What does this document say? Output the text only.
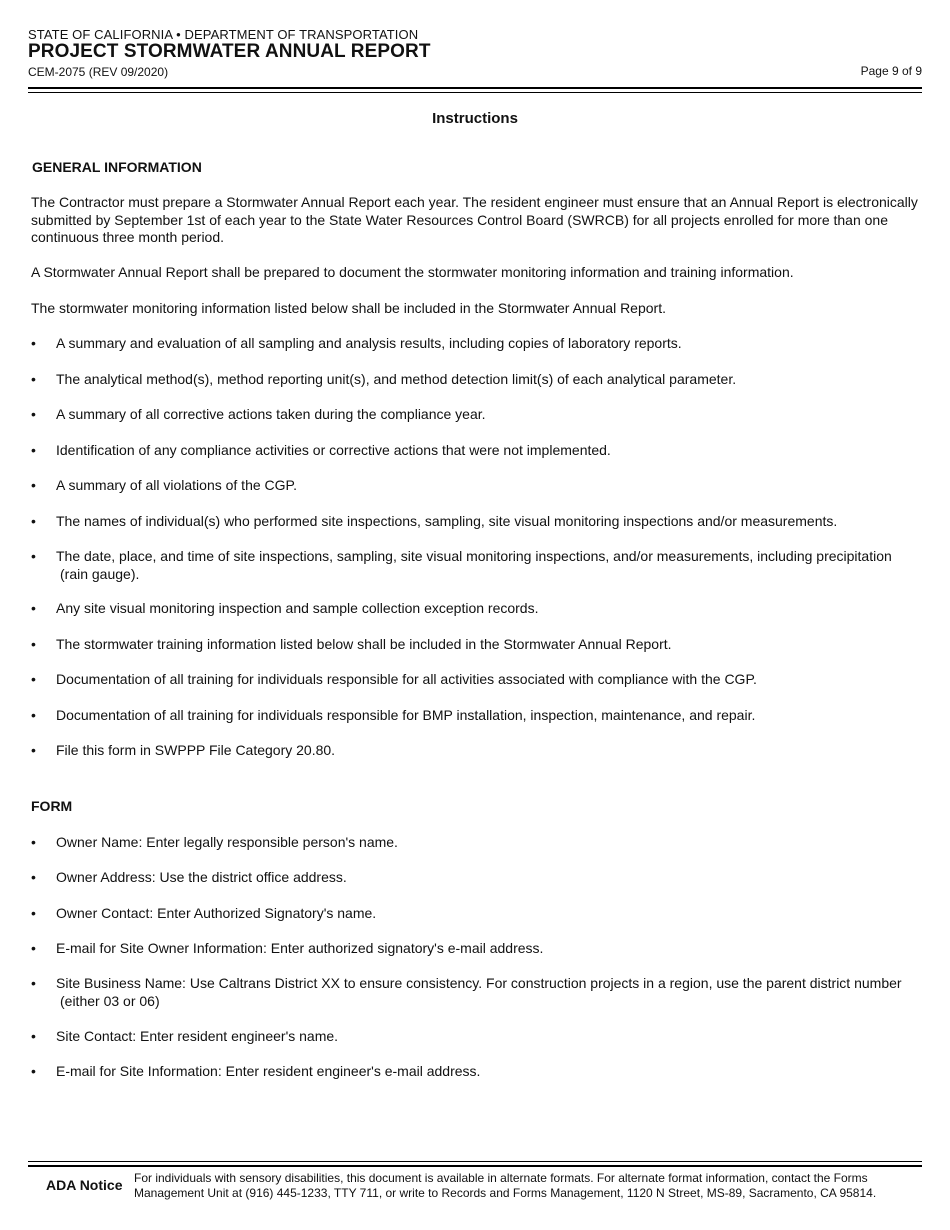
STATE OF CALIFORNIA • DEPARTMENT OF TRANSPORTATION
PROJECT STORMWATER ANNUAL REPORT
CEM-2075 (REV 09/2020)	Page 9 of 9
Instructions
GENERAL INFORMATION
The Contractor must prepare a Stormwater Annual Report each year. The resident engineer must ensure that an Annual Report is electronically submitted by September 1st of each year to the State Water Resources Control Board (SWRCB) for all projects enrolled for more than one continuous three month period.
A Stormwater Annual Report shall be prepared to document the stormwater monitoring information and training information.
The stormwater monitoring information listed below shall be included in the Stormwater Annual Report.
• A summary and evaluation of all sampling and analysis results, including copies of laboratory reports.
• The analytical method(s), method reporting unit(s), and method detection limit(s) of each analytical parameter.
• A summary of all corrective actions taken during the compliance year.
• Identification of any compliance activities or corrective actions that were not implemented.
• A summary of all violations of the CGP.
• The names of individual(s) who performed site inspections, sampling, site visual monitoring inspections and/or measurements.
• The date, place, and time of site inspections, sampling, site visual monitoring inspections, and/or measurements, including precipitation
(rain gauge).
• Any site visual monitoring inspection and sample collection exception records.
• The stormwater training information listed below shall be included in the Stormwater Annual Report.
• Documentation of all training for individuals responsible for all activities associated with compliance with the CGP.
• Documentation of all training for individuals responsible for BMP installation, inspection, maintenance, and repair.
• File this form in SWPPP File Category 20.80.
FORM
• Owner Name: Enter legally responsible person's name.
• Owner Address: Use the district office address.
• Owner Contact: Enter Authorized Signatory's name.
• E-mail for Site Owner Information: Enter authorized signatory's e-mail address.
• Site Business Name: Use Caltrans District XX to ensure consistency. For construction projects in a region, use the parent district number
(either 03 or 06)
• Site Contact: Enter resident engineer's name.
• E-mail for Site Information: Enter resident engineer's e-mail address.
ADA Notice For individuals with sensory disabilities, this document is available in alternate formats. For alternate format information, contact the Forms Management Unit at (916) 445-1233, TTY 711, or write to Records and Forms Management, 1120 N Street, MS-89, Sacramento, CA 95814.
